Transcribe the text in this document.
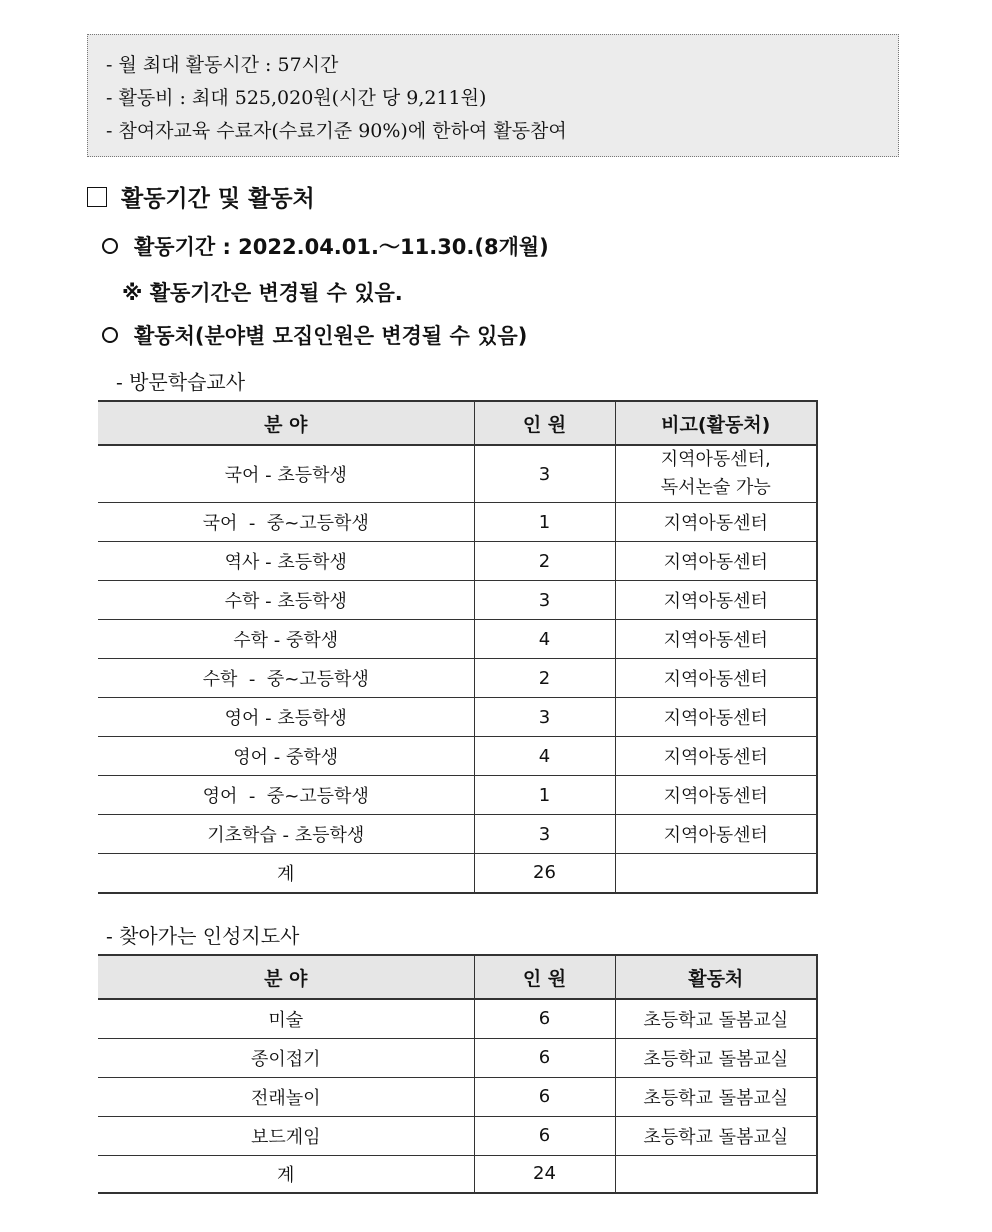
- 월 최대 활동시간 : 57시간
- 활동비 : 최대 525,020원(시간 당 9,211원)
- 참여자교육 수료자(수료기준 90%)에 한하여 활동참여
활동기간 및 활동처
활동기간 : 2022.04.01.～11.30.(8개월)
※ 활동기간은 변경될 수 있음.
활동처(분야별 모집인원은 변경될 수 있음)
- 방문학습교사
분 야	인 원	비고(활동처)
국어 - 초등학생	3	지역아동센터,
독서논술 가능

국어  -  중~고등학생	1	지역아동센터
역사 - 초등학생	2	지역아동센터
수학 - 초등학생	3	지역아동센터
수학 - 중학생	4	지역아동센터
수학  -  중~고등학생	2	지역아동센터
영어 - 초등학생	3	지역아동센터
영어 - 중학생	4	지역아동센터
영어  -  중~고등학생	1	지역아동센터
기초학습 - 초등학생	3	지역아동센터
계	26	
- 찾아가는 인성지도사
분 야	인 원	활동처
미술	6	초등학교 돌봄교실
종이접기	6	초등학교 돌봄교실
전래놀이	6	초등학교 돌봄교실
보드게임	6	초등학교 돌봄교실
계	24	
